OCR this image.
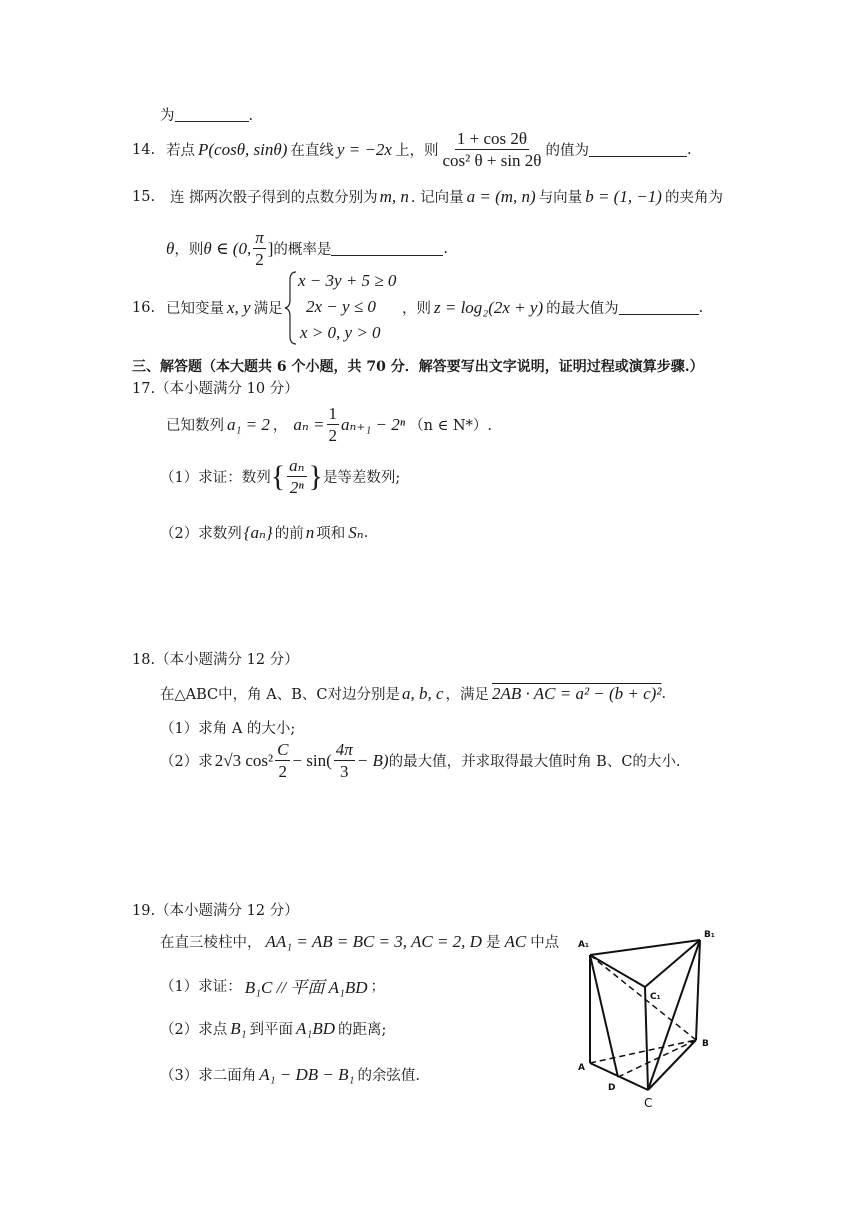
为	.
14. 若点 P(cosθ, sinθ) 在直线 y = −2x 上，则 $\frac{1 + \cos 2\theta}{\text{cos² θ + sin 2θ}}$ 的值为	.
15.	连 掷两次骰子得到的点数分别为 m, n . 记向量 a = (m, n) 与向量 b = (1, −1) 的夹角为
θ ，则 θ ∈ (0, $\frac{\pi}{2}$ ] 的概率是	.
16. 已知变量 x, y 满足
x − 3y + 5 ≥ 0
2x − y ≤ 0
x > 0, y > 0
，则 z = log₂(2x + y) 的最大值为	.
三、解答题（本大题共 6 个小题，共 70 分．解答要写出文字说明，证明过程或演算步骤.）
17.（本小题满分 10 分）
已知数列 a₁ = 2 ， $a_n = \frac{1}{2} a_{n+1} - 2^n$ （n ∈ N*）.
（1）求证：数列 { $\frac{\text{aₙ}}{\text{2ⁿ}}$ } 是等差数列;
（2）求数列 {aₙ} 的前 n 项和 Sₙ .
18.（本小题满分 12 分）
在△ABC中，角 A、B、C对边分别是 a, b, c ，满足 2AB · AC = a² − (b + c)² .
（1）求角 A 的大小;
（2）求 2√3 $\cos^2 \frac{C}{2} - \sin( \frac{4\pi}{3} - B)$ 的最大值，并求取得最大值时角 B、C的大小.
19.（本小题满分 12 分）
在直三棱柱中， AA₁ = AB = BC = 3, AC = 2, D 是 AC 中点
（1）求证： B₁C // 平面 A₁BD ；
（2）求点 B₁ 到平面 A₁BD 的距离;
（3）求二面角 A₁ − DB − B₁ 的余弦值.
A₁
B₁
C₁
A
B
C
D
